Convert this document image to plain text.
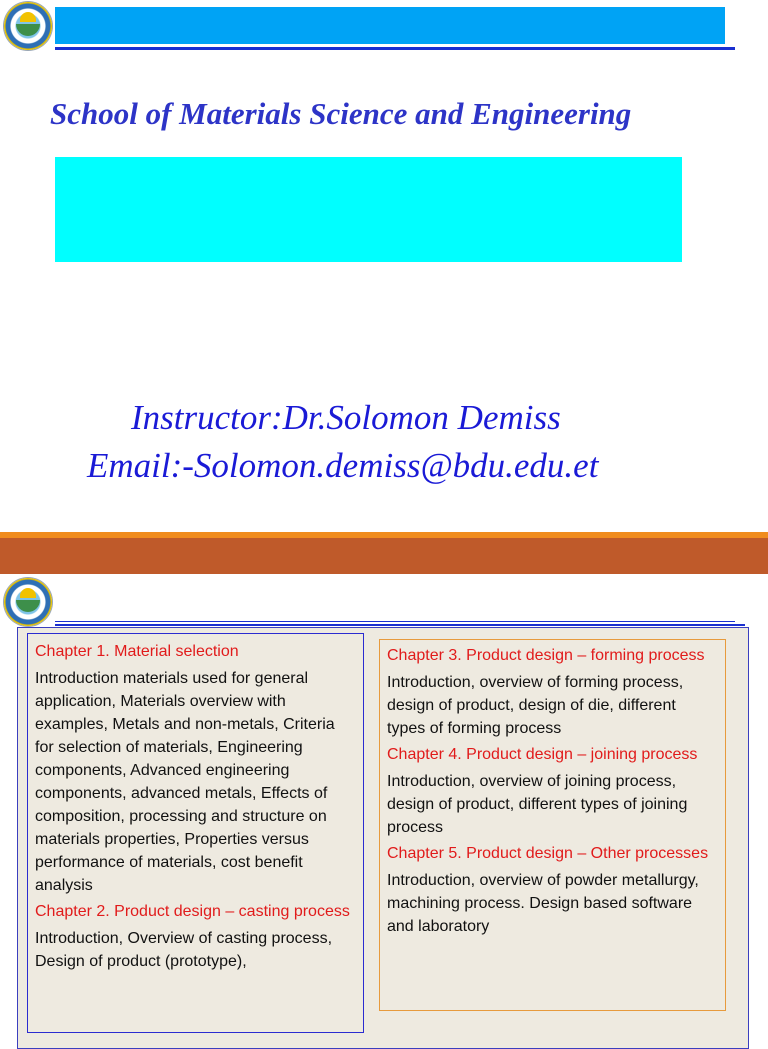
School of Materials Science and Engineering
Instructor:Dr.Solomon Demiss
Email:-Solomon.demiss@bdu.edu.et

Chapter 1. Material selection

Introduction materials used for general application, Materials overview with examples, Metals and non-metals, Criteria for selection of materials, Engineering components, Advanced engineering components, advanced metals, Effects of composition, processing and structure on materials properties, Properties versus performance of materials, cost benefit analysis

Chapter 2. Product design – casting process

Introduction, Overview of casting process, Design of product (prototype),

Chapter 3. Product design – forming process

Introduction, overview of forming process, design of product, design of die, different types of forming process

Chapter 4. Product design – joining process

Introduction, overview of joining process, design of product, different types of joining process

Chapter 5. Product design – Other processes

Introduction, overview of powder metallurgy, machining process. Design based software and laboratory
